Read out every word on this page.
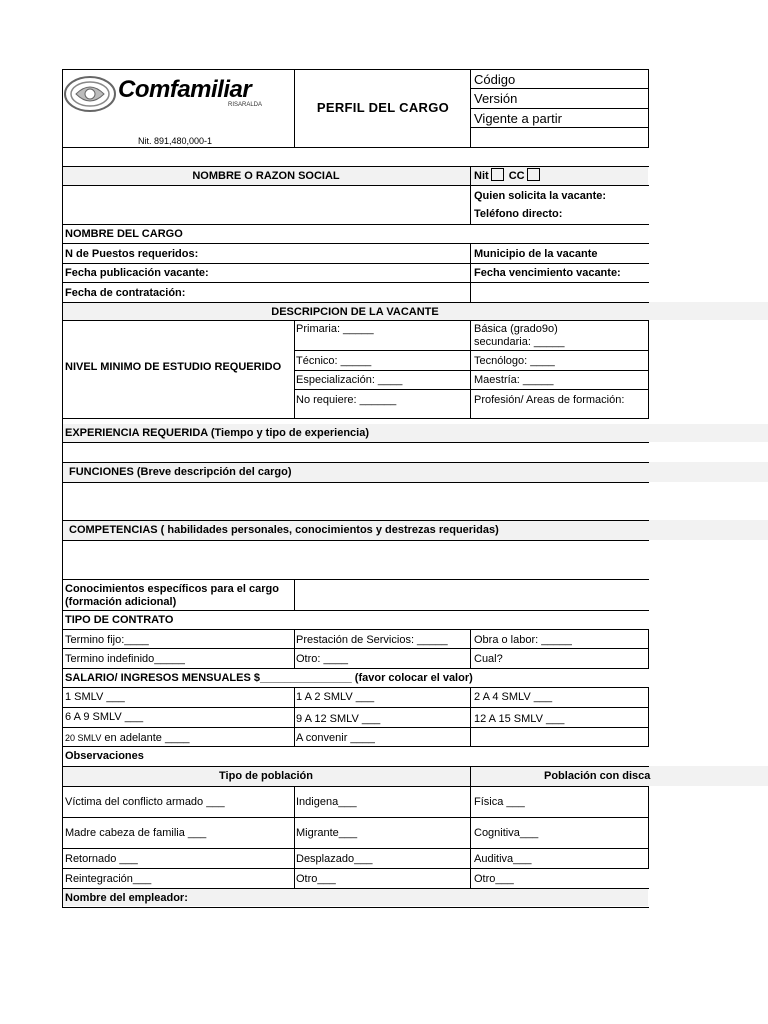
Comfamiliar
RISARALDA
Nit. 891,480,000-1
PERFIL DEL CARGO
Código
Versión
Vigente a partir
NOMBRE O RAZON SOCIAL	Nit CC
Quien solicita la vacante:
Teléfono directo:
NOMBRE DEL CARGO
N de Puestos requeridos:	Municipio de la vacante
Fecha publicación vacante:	Fecha vencimiento vacante:
Fecha de contratación:
DESCRIPCION DE LA VACANTE
NIVEL MINIMO DE ESTUDIO REQUERIDO
Primaria: _____	Básica (grado9o)
secundaria: _____
Técnico: _____	Tecnólogo: ____
Especialización: ____	Maestría: _____
No requiere: ______	Profesión/ Areas de formación:
EXPERIENCIA REQUERIDA (Tiempo y tipo de experiencia)
FUNCIONES (Breve descripción del cargo)
COMPETENCIAS ( habilidades personales, conocimientos y destrezas requeridas)
Conocimientos específicos para el cargo
(formación adicional)
TIPO DE CONTRATO
Termino fijo:____	Prestación de Servicios: _____ Obra o labor: _____
Termino indefinido_____	Otro: ____	Cual?
SALARIO/ INGRESOS MENSUALES $_______________ (favor colocar el valor)
1 SMLV ___	1 A 2 SMLV ___	2 A 4 SMLV ___
6 A 9 SMLV ___	9 A 12 SMLV ___	12 A 15 SMLV ___
20 SMLV en adelante ____	A convenir ____
Observaciones
Tipo de población	Población con disca
Víctima del conflicto armado ___	Indigena___	Física ___
Madre cabeza de familia ___	Migrante___	Cognitiva___
Retornado ___	Desplazado___	Auditiva___
Reintegración___	Otro___	Otro___
Nombre del empleador:
